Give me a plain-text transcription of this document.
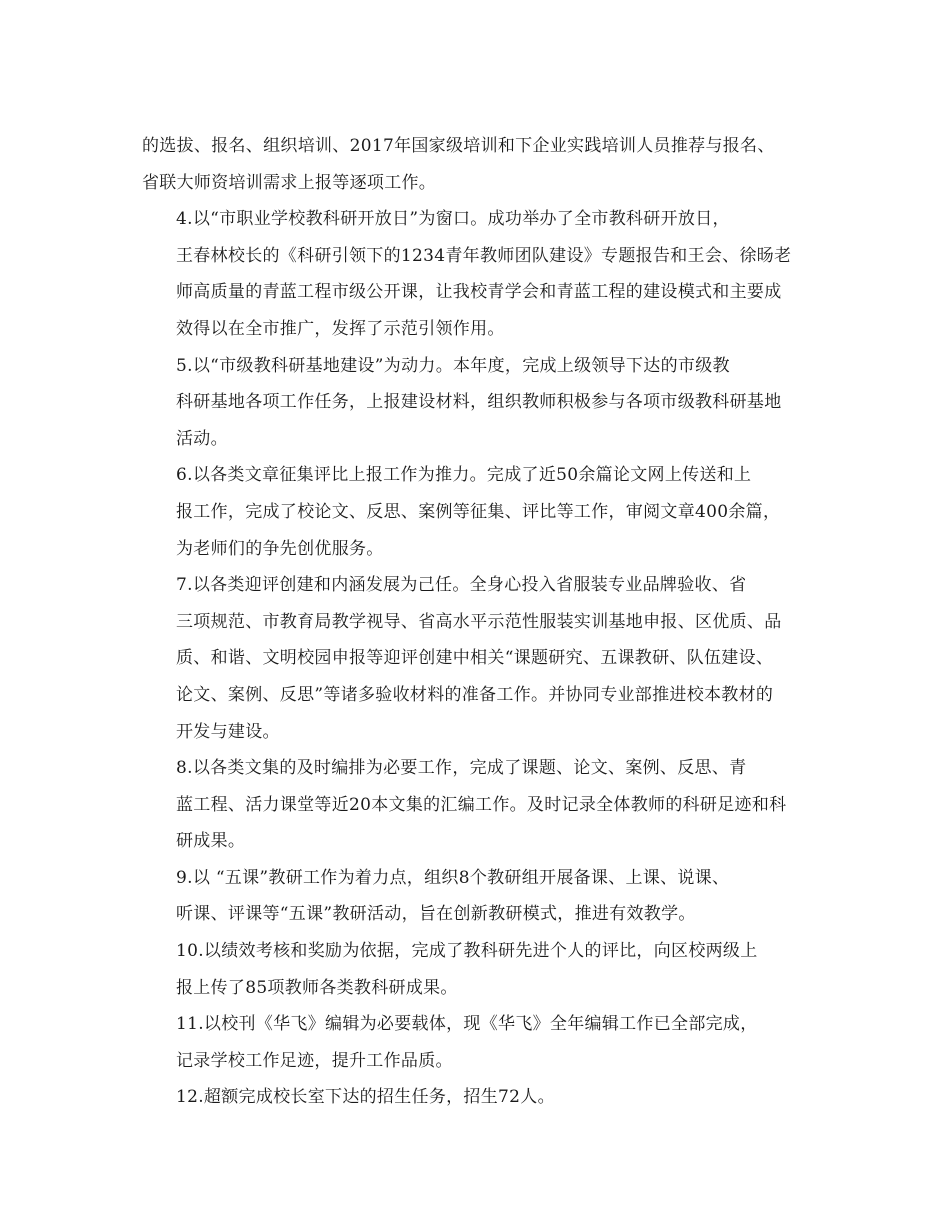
的选拔、报名、组织培训、2017年国家级培训和下企业实践培训人员推荐与报名、
省联大师资培训需求上报等逐项工作。

4.以“市职业学校教科研开放日”为窗口。成功举办了全市教科研开放日，
王春林校长的《科研引领下的1234青年教师团队建设》专题报告和王会、徐旸老
师高质量的青蓝工程市级公开课，让我校青学会和青蓝工程的建设模式和主要成
效得以在全市推广，发挥了示范引领作用。

5.以“市级教科研基地建设”为动力。本年度，完成上级领导下达的市级教
科研基地各项工作任务，上报建设材料，组织教师积极参与各项市级教科研基地
活动。

6.以各类文章征集评比上报工作为推力。完成了近50余篇论文网上传送和上
报工作，完成了校论文、反思、案例等征集、评比等工作，审阅文章400余篇，
为老师们的争先创优服务。

7.以各类迎评创建和内涵发展为己任。全身心投入省服装专业品牌验收、省
三项规范、市教育局教学视导、省高水平示范性服装实训基地申报、区优质、品
质、和谐、文明校园申报等迎评创建中相关“课题研究、五课教研、队伍建设、
论文、案例、反思”等诸多验收材料的准备工作。并协同专业部推进校本教材的
开发与建设。

8.以各类文集的及时编排为必要工作，完成了课题、论文、案例、反思、青
蓝工程、活力课堂等近20本文集的汇编工作。及时记录全体教师的科研足迹和科
研成果。

9.以 “五课”教研工作为着力点，组织8个教研组开展备课、上课、说课、
听课、评课等“五课”教研活动，旨在创新教研模式，推进有效教学。

10.以绩效考核和奖励为依据，完成了教科研先进个人的评比，向区校两级上
报上传了85项教师各类教科研成果。

11.以校刊《华飞》编辑为必要载体，现《华飞》全年编辑工作已全部完成，
记录学校工作足迹，提升工作品质。

12.超额完成校长室下达的招生任务，招生72人。
